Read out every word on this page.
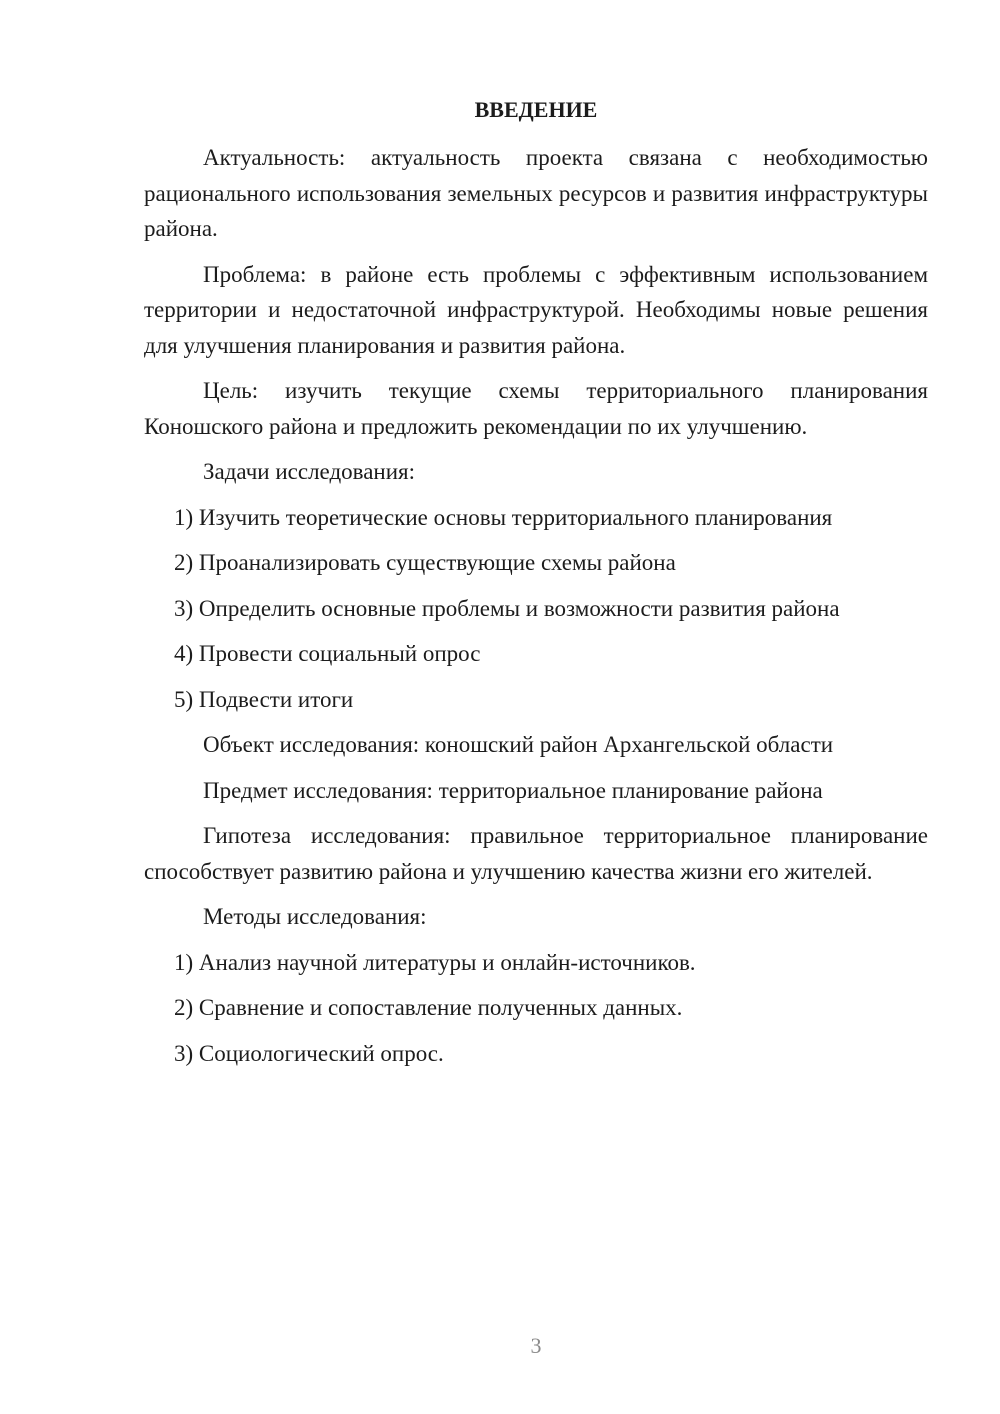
ВВЕДЕНИЕ

Актуальность: актуальность проекта связана с необходимостью рационального использования земельных ресурсов и развития инфраструктуры района.

Проблема: в районе есть проблемы с эффективным использованием территории и недостаточной инфраструктурой. Необходимы новые решения для улучшения планирования и развития района.

Цель: изучить текущие схемы территориального планирования Коношского района и предложить рекомендации по их улучшению.

Задачи исследования:

1) Изучить теоретические основы территориального планирования

2) Проанализировать существующие схемы района

3) Определить основные проблемы и возможности развития района

4) Провести социальный опрос

5) Подвести итоги

Объект исследования: коношский район Архангельской области

Предмет исследования: территориальное планирование района

Гипотеза исследования: правильное территориальное планирование способствует развитию района и улучшению качества жизни его жителей.

Методы исследования:

1) Анализ научной литературы и онлайн-источников.

2) Сравнение и сопоставление полученных данных.

3) Социологический опрос.

3
